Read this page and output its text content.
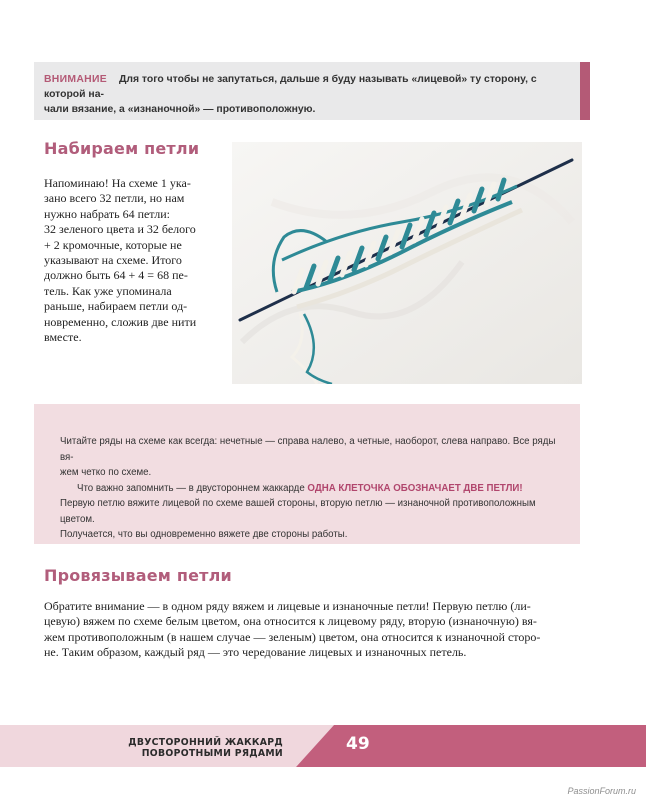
ВНИМАНИЕ Для того чтобы не запутаться, дальше я буду называть «лицевой» ту сторону, с которой на-
чали вязание, а «изнаночной» — противоположную.
Набираем петли
Напоминаю! На схеме 1 ука-
зано всего 32 петли, но нам
нужно набрать 64 петли:
32 зеленого цвета и 32 белого
+ 2 кромочные, которые не
указывают на схеме. Итого
должно быть 64 + 4 = 68 пе-
тель. Как уже упоминала
раньше, набираем петли од-
новременно, сложив две нити
вместе.
Читайте ряды на схеме как всегда: нечетные — справа налево, а четные, наоборот, слева направо. Все ряды вя-
жем четко по схеме.
Что важно запомнить — в двустороннем жаккарде ОДНА КЛЕТОЧКА ОБОЗНАЧАЕТ ДВЕ ПЕТЛИ!
Первую петлю вяжите лицевой по схеме вашей стороны, вторую петлю — изнаночной противоположным цветом.
Получается, что вы одновременно вяжете две стороны работы.
Провязываем петли
Обратите внимание — в одном ряду вяжем и лицевые и изнаночные петли! Первую петлю (ли-
цевую) вяжем по схеме белым цветом, она относится к лицевому ряду, вторую (изнаночную) вя-
жем противоположным (в нашем случае — зеленым) цветом, она относится к изнаночной сторо-
не. Таким образом, каждый ряд — это чередование лицевых и изнаночных петель.
ДВУСТОРОННИЙ ЖАККАРД
ПОВОРОТНЫМИ РЯДАМИ	49
PassionForum.ru
